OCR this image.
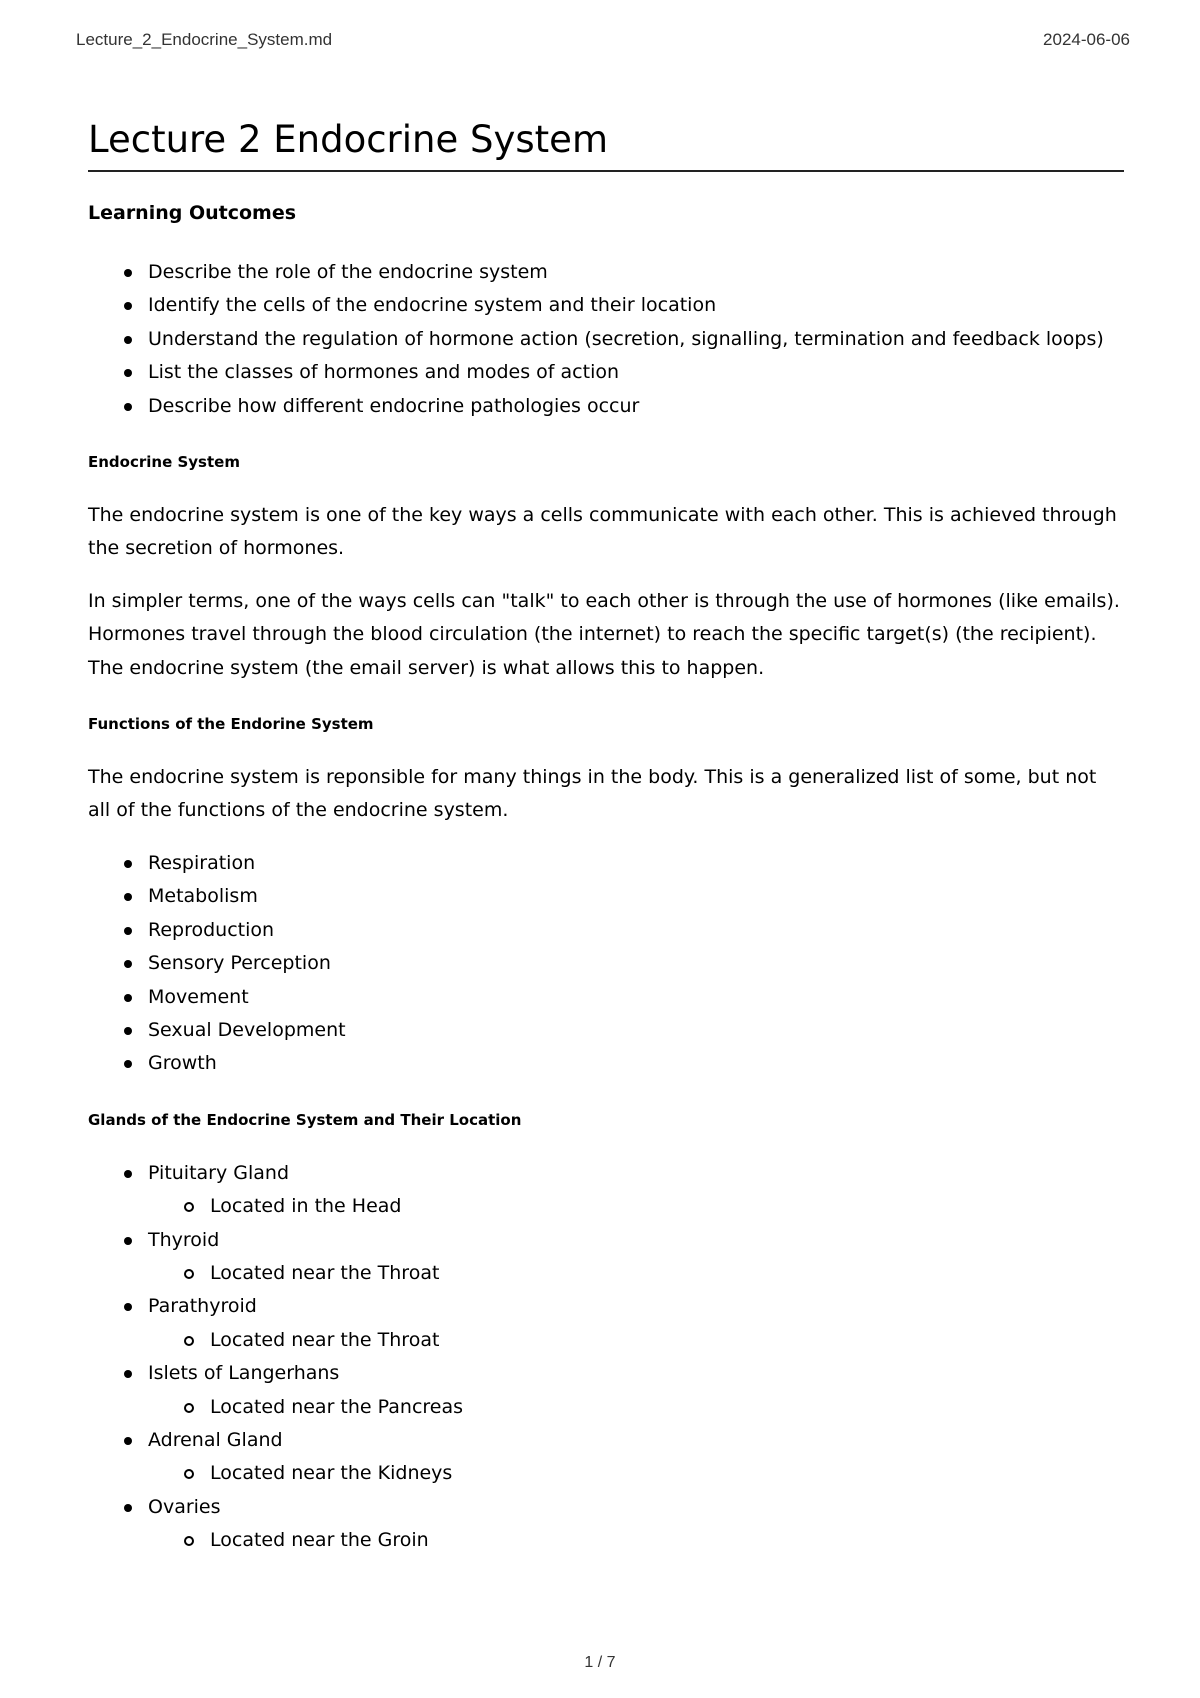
Lecture_2_Endocrine_System.md	2024-06-06
Lecture 2 Endocrine System
Learning Outcomes
Describe the role of the endocrine system
Identify the cells of the endocrine system and their location
Understand the regulation of hormone action (secretion, signalling, termination and feedback loops)
List the classes of hormones and modes of action
Describe how different endocrine pathologies occur
Endocrine System

The endocrine system is one of the key ways a cells communicate with each other. This is achieved through the secretion of hormones.

In simpler terms, one of the ways cells can "talk" to each other is through the use of hormones (like emails). Hormones travel through the blood circulation (the internet) to reach the specific target(s) (the recipient). The endocrine system (the email server) is what allows this to happen.

Functions of the Endorine System

The endocrine system is reponsible for many things in the body. This is a generalized list of some, but not all of the functions of the endocrine system.

Respiration
Metabolism
Reproduction
Sensory Perception
Movement
Sexual Development
Growth
Glands of the Endocrine System and Their Location
Pituitary Gland
Located in the Head
Thyroid
Located near the Throat
Parathyroid
Located near the Throat
Islets of Langerhans
Located near the Pancreas
Adrenal Gland
Located near the Kidneys
Ovaries
Located near the Groin
1 / 7
